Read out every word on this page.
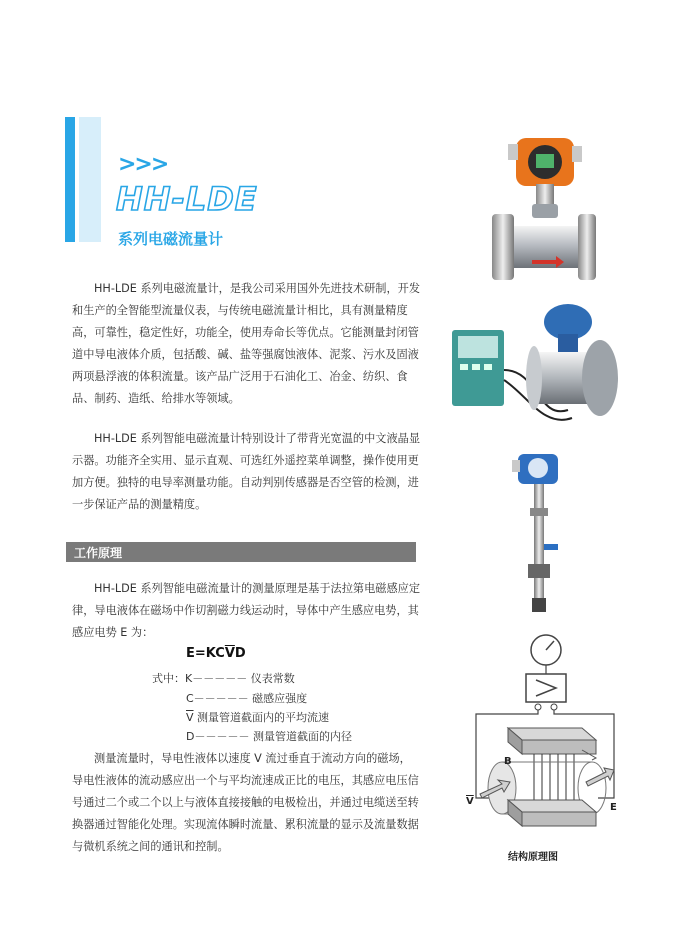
>>>
HH-LDE
系列电磁流量计
HH-LDE 系列电磁流量计，是我公司采用国外先进技术研制，开发和生产的全智能型流量仪表，与传统电磁流量计相比，具有测量精度高，可靠性，稳定性好，功能全，使用寿命长等优点。它能测量封闭管道中导电液体介质，包括酸、碱、盐等强腐蚀液体、泥浆、污水及固液两项悬浮液的体积流量。该产品广泛用于石油化工、冶金、纺织、食品、制药、造纸、给排水等领域。
HH-LDE 系列智能电磁流量计特别设计了带背光宽温的中文液晶显示器。功能齐全实用、显示直观、可选红外遥控菜单调整，操作使用更加方便。独特的电导率测量功能。自动判别传感器是否空管的检测，进一步保证产品的测量精度。
工作原理
HH-LDE 系列智能电磁流量计的测量原理是基于法拉第电磁感应定律，导电液体在磁场中作切割磁力线运动时，导体中产生感应电势，其感应电势 E 为：
$E=KC\overline{V}D$
式中：K－－－－－ 仪表常数
C－－－－－ 磁感应强度
$\overline{V}$ 测量管道截面内的平均流速
D－－－－－ 测量管道截面的内径
测量流量时，导电性液体以速度 V 流过垂直于流动方向的磁场，导电性液体的流动感应出一个与平均流速成正比的电压，其感应电压信号通过二个或二个以上与液体直接接触的电极检出，并通过电缆送至转换器通过智能化处理。实现流体瞬时流量、累积流量的显示及流量数据与微机系统之间的通讯和控制。
B
V
E
结构原理图
